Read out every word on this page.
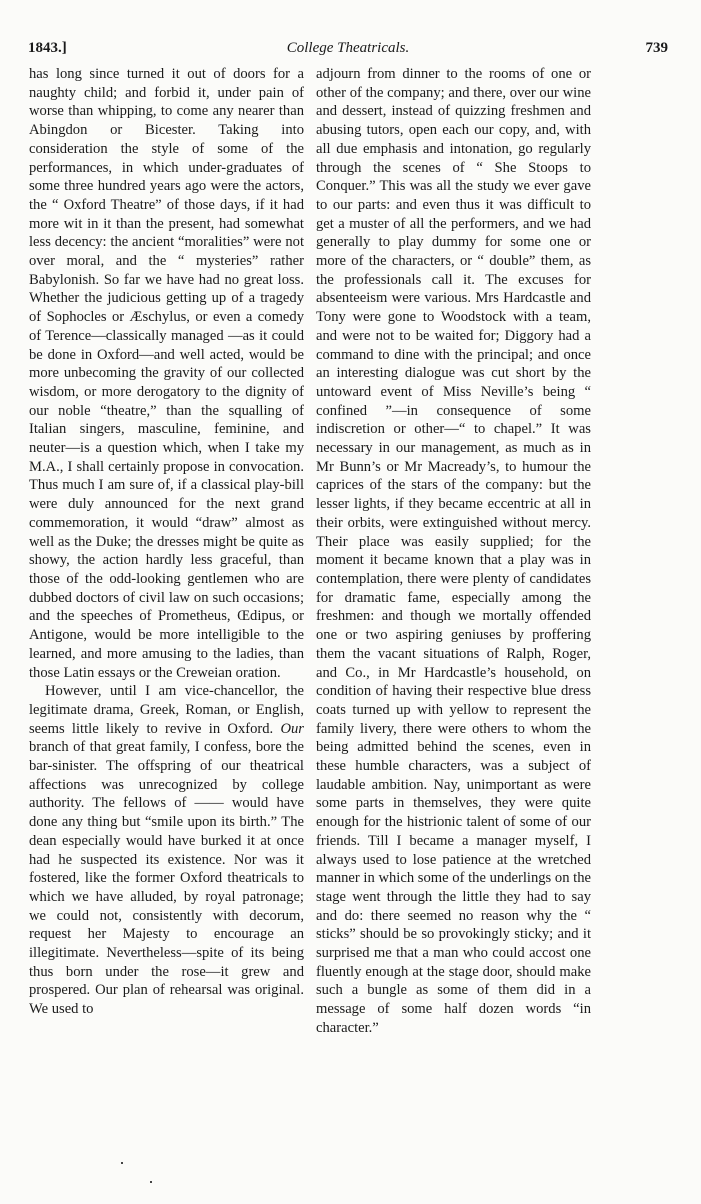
1843.]	College Theatricals.	739

has long since turned it out of doors for a naughty child; and forbid it, under pain of worse than whipping, to come any nearer than Abingdon or Bicester. Taking into consideration the style of some of the performances, in which under-graduates of some three hundred years ago were the actors, the “ Oxford Theatre” of those days, if it had more wit in it than the present, had somewhat less decency: the ancient “moralities” were not over moral, and the “ mysteries” rather Babylonish. So far we have had no great loss. Whether the judicious getting up of a tragedy of Sophocles or Æschylus, or even a comedy of Terence—classically managed —as it could be done in Oxford—and well acted, would be more unbecoming the gravity of our collected wisdom, or more derogatory to the dignity of our noble “theatre,” than the squalling of Italian singers, masculine, feminine, and neuter—is a question which, when I take my M.A., I shall certainly propose in convocation. Thus much I am sure of, if a classical play-bill were duly announced for the next grand commemoration, it would “draw” almost as well as the Duke; the dresses might be quite as showy, the action hardly less graceful, than those of the odd-looking gentlemen who are dubbed doctors of civil law on such occasions; and the speeches of Prometheus, Œdipus, or Antigone, would be more intelligible to the learned, and more amusing to the ladies, than those Latin essays or the Creweian oration.

However, until I am vice-chancellor, the legitimate drama, Greek, Roman, or English, seems little likely to revive in Oxford. Our branch of that great family, I confess, bore the bar-sinister. The offspring of our theatrical affections was unrecognized by college authority. The fellows of —— would have done any thing but “smile upon its birth.” The dean especially would have burked it at once had he suspected its existence. Nor was it fostered, like the former Oxford theatricals to which we have alluded, by royal patronage; we could not, consistently with decorum, request her Majesty to encourage an illegitimate. Nevertheless—spite of its being thus born under the rose—it grew and prospered. Our plan of rehearsal was original. We used to

adjourn from dinner to the rooms of one or other of the company; and there, over our wine and dessert, instead of quizzing freshmen and abusing tutors, open each our copy, and, with all due emphasis and intonation, go regularly through the scenes of “ She Stoops to Conquer.” This was all the study we ever gave to our parts: and even thus it was difficult to get a muster of all the performers, and we had generally to play dummy for some one or more of the characters, or “ double” them, as the professionals call it. The excuses for absenteeism were various. Mrs Hardcastle and Tony were gone to Woodstock with a team, and were not to be waited for; Diggory had a command to dine with the principal; and once an interesting dialogue was cut short by the untoward event of Miss Neville’s being “ confined ”—in consequence of some indiscretion or other—“ to chapel.” It was necessary in our management, as much as in Mr Bunn’s or Mr Macready’s, to humour the caprices of the stars of the company: but the lesser lights, if they became eccentric at all in their orbits, were extinguished without mercy. Their place was easily supplied; for the moment it became known that a play was in contemplation, there were plenty of candidates for dramatic fame, especially among the freshmen: and though we mortally offended one or two aspiring geniuses by proffering them the vacant situations of Ralph, Roger, and Co., in Mr Hardcastle’s household, on condition of having their respective blue dress coats turned up with yellow to represent the family livery, there were others to whom the being admitted behind the scenes, even in these humble characters, was a subject of laudable ambition. Nay, unimportant as were some parts in themselves, they were quite enough for the histrionic talent of some of our friends. Till I became a manager myself, I always used to lose patience at the wretched manner in which some of the underlings on the stage went through the little they had to say and do: there seemed no reason why the “ sticks” should be so provokingly sticky; and it surprised me that a man who could accost one fluently enough at the stage door, should make such a bungle as some of them did in a message of some half dozen words “in character.”
